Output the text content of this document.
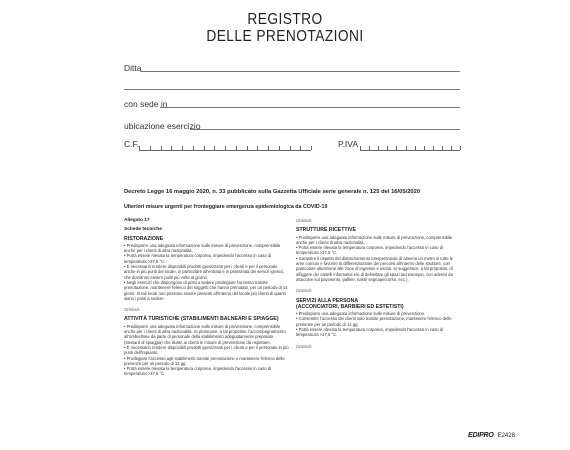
REGISTRO
DELLE PRENOTAZIONI
Ditta
con sede in
ubicazione esercizio
C.F.	P.IVA
Decreto Legge 16 maggio 2020, n. 33 pubblicato sulla Gazzetta Ufficiale serie generale n. 125 del 16/05/2020
Ulteriori misure urgenti per fronteggiare emergenza epidemiologica da COVID-19
Allegato 17
Schede tecniche
RISTORAZIONE

• Predisporre una adeguata informazione sulle misure di prevenzione, comprensibile anche per i clienti di altra nazionalità.

• Potrà essere rilevata la temperatura corporea, impedendo l'accesso in caso di temperatura >37,5 °C.

• È necessario rendere disponibili prodotti igienizzanti per i clienti e per il personale anche in più punti del locale, in particolare all'entrata e in prossimità dei servizi igienici, che dovranno essere puliti più volte al giorno.

• Negli esercizi che dispongono di posti a sedere privilegiare l'accesso tramite prenotazione, mantenere l'elenco dei soggetti che hanno prenotato, per un periodo di 14 giorni. In tali locali non possono essere presenti all'interno del locale più clienti di quanti siano i posti a sedere.

Omissis
ATTIVITÀ TURISTICHE (STABILIMENTI BALNEARI E SPIAGGE)

• Predisporre una adeguata informazione sulle misure di prevenzione, comprensibile anche per i clienti di altra nazionalità. Si promuove, a tal proposito, l'accompagnamento all'ombrellone da parte di personale dello stabilimento adeguatamente preparato (steward di spiaggia) che illustri ai clienti le misure di prevenzione da rispettare.

• È necessario rendere disponibili prodotti igienizzanti per i clienti e per il personale in più punti dell'impianto.

• Privilegiare l'accesso agli stabilimenti tramite prenotazione e mantenere l'elenco delle presenze per un periodo di 14 gg.

• Potrà essere rilevata la temperatura corporea, impedendo l'accesso in caso di temperatura >37,5 °C.

Omissis
STRUTTURE RICETTIVE

• Predisporre una adeguata informazione sulle misure di prevenzione, comprensibile anche per i clienti di altra nazionalità.

• Potrà essere rilevata la temperatura corporea, impedendo l'accesso in caso di temperatura >37,5 °C.

• Garantire il rispetto del distanziamento interpersonale di almeno un metro in tutte le aree comuni e favorire la differenziazione dei percorsi all'interno delle strutture, con particolare attenzione alle zone di ingresso e uscita. Si suggerisce, a tal proposito, di affiggere dei cartelli informativi e/o di delimitare gli spazi (ad esempio, con adesivi da attaccare sul pavimento, palline, nastri segnapercorso, ecc.).

Omissis
SERVIZI ALLA PERSONA
(ACCONCIATORI, BARBIERI ED ESTETISTI)

• Predisporre una adeguata informazione sulle misure di prevenzione.

• Consentire l'accesso dei clienti solo tramite prenotazione, mantenere l'elenco delle presenze per un periodo di 14 gg.

• Potrà essere rilevata la temperatura corporea, impedendo l'accesso in caso di temperatura >37,5 °C.

Omissis
EDIPRO E2428
